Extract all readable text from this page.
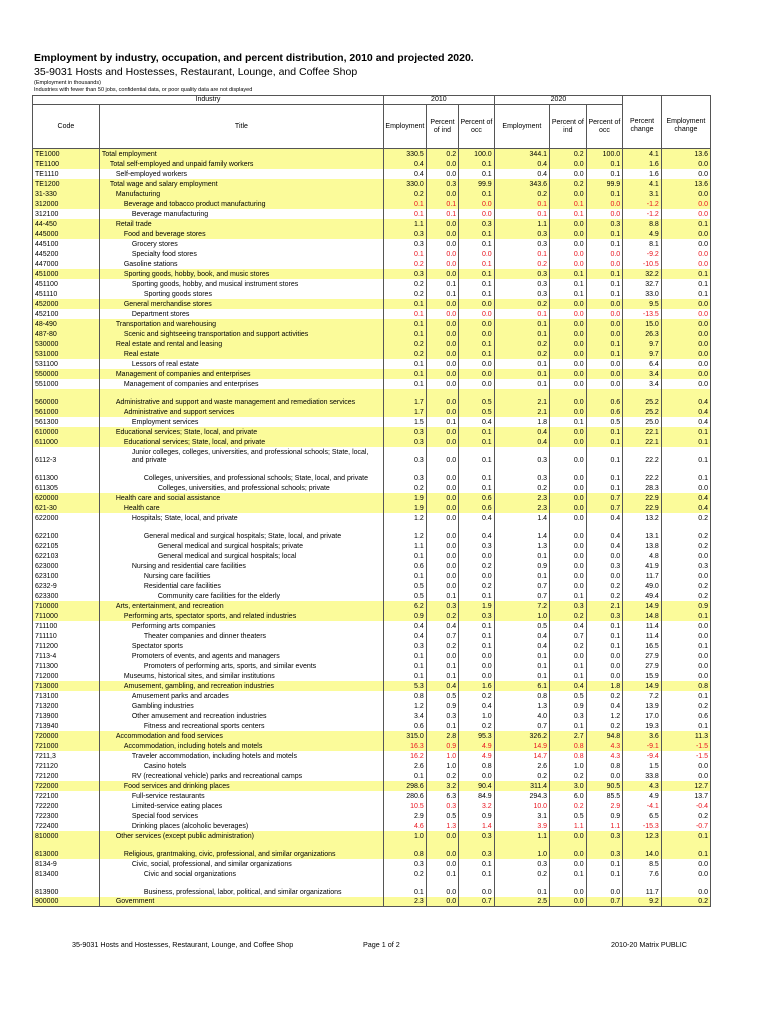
Employment by industry, occupation, and percent distribution, 2010 and projected 2020.
35-9031 Hosts and Hostesses, Restaurant, Lounge, and Coffee Shop
(Employment in thousands)
Industries with fewer than 50 jobs, confidential data, or poor quality data are not displayed
Industry		2010			2020				
Code	Title	Employment	Percent of ind	Percent of occ	Employment	Percent of ind	Percent of occ	Percent change	Employment change
TE1000	Total employment	330.5	0.2	100.0	344.1	0.2	100.0	4.1	13.6
TE1100	Total self-employed and unpaid family workers	0.4	0.0	0.1	0.4	0.0	0.1	1.6	0.0
TE1110	Self-employed workers	0.4	0.0	0.1	0.4	0.0	0.1	1.6	0.0
TE1200	Total wage and salary employment	330.0	0.3	99.9	343.6	0.2	99.9	4.1	13.6
31-330	Manufacturing	0.2	0.0	0.1	0.2	0.0	0.1	3.1	0.0
312000	Beverage and tobacco product manufacturing	0.1	0.1	0.0	0.1	0.1	0.0	-1.2	0.0
312100	Beverage manufacturing	0.1	0.1	0.0	0.1	0.1	0.0	-1.2	0.0
44-450	Retail trade	1.1	0.0	0.3	1.1	0.0	0.3	8.8	0.1
445000	Food and beverage stores	0.3	0.0	0.1	0.3	0.0	0.1	4.9	0.0
445100	Grocery stores	0.3	0.0	0.1	0.3	0.0	0.1	8.1	0.0
445200	Specialty food stores	0.1	0.0	0.0	0.1	0.0	0.0	-9.2	0.0
447000	Gasoline stations	0.2	0.0	0.1	0.2	0.0	0.0	-10.5	0.0
451000	Sporting goods, hobby, book, and music stores	0.3	0.0	0.1	0.3	0.1	0.1	32.2	0.1
451100	Sporting goods, hobby, and musical instrument stores	0.2	0.1	0.1	0.3	0.1	0.1	32.7	0.1
451110	Sporting goods stores	0.2	0.1	0.1	0.3	0.1	0.1	33.0	0.1
452000	General merchandise stores	0.1	0.0	0.0	0.2	0.0	0.0	9.5	0.0
452100	Department stores	0.1	0.0	0.0	0.1	0.0	0.0	-13.5	0.0
48-490	Transportation and warehousing	0.1	0.0	0.0	0.1	0.0	0.0	15.0	0.0
487-80	Scenic and sightseeing transportation and support activities	0.1	0.0	0.0	0.1	0.0	0.0	26.3	0.0
530000	Real estate and rental and leasing	0.2	0.0	0.1	0.2	0.0	0.1	9.7	0.0
531000	Real estate	0.2	0.0	0.1	0.2	0.0	0.1	9.7	0.0
531100	Lessors of real estate	0.1	0.0	0.0	0.1	0.0	0.0	6.4	0.0
550000	Management of companies and enterprises	0.1	0.0	0.0	0.1	0.0	0.0	3.4	0.0
551000	Management of companies and enterprises	0.1	0.0	0.0	0.1	0.0	0.0	3.4	0.0
560000	Administrative and support and waste management and remediation services	1.7	0.0	0.5	2.1	0.0	0.6	25.2	0.4
561000	Administrative and support services	1.7	0.0	0.5	2.1	0.0	0.6	25.2	0.4
561300	Employment services	1.5	0.1	0.4	1.8	0.1	0.5	25.0	0.4
610000	Educational services; State, local, and private	0.3	0.0	0.1	0.4	0.0	0.1	22.1	0.1
611000	Educational services; State, local, and private	0.3	0.0	0.1	0.4	0.0	0.1	22.1	0.1
6112-3	Junior colleges, colleges, universities, and professional schools; State, local, and private	0.3	0.0	0.1	0.3	0.0	0.1	22.2	0.1
611300	Colleges, universities, and professional schools; State, local, and private	0.3	0.0	0.1	0.3	0.0	0.1	22.2	0.1
611305	Colleges, universities, and professional schools; private	0.2	0.0	0.1	0.2	0.0	0.1	28.3	0.0
620000	Health care and social assistance	1.9	0.0	0.6	2.3	0.0	0.7	22.9	0.4
621-30	Health care	1.9	0.0	0.6	2.3	0.0	0.7	22.9	0.4
622000	Hospitals; State, local, and private	1.2	0.0	0.4	1.4	0.0	0.4	13.2	0.2
622100	General medical and surgical hospitals; State, local, and private	1.2	0.0	0.4	1.4	0.0	0.4	13.1	0.2
622105	General medical and surgical hospitals; private	1.1	0.0	0.3	1.3	0.0	0.4	13.8	0.2
622103	General medical and surgical hospitals; local	0.1	0.0	0.0	0.1	0.0	0.0	4.8	0.0
623000	Nursing and residential care facilities	0.6	0.0	0.2	0.9	0.0	0.3	41.9	0.3
623100	Nursing care facilities	0.1	0.0	0.0	0.1	0.0	0.0	11.7	0.0
6232-9	Residential care facilities	0.5	0.0	0.2	0.7	0.0	0.2	49.0	0.2
623300	Community care facilities for the elderly	0.5	0.1	0.1	0.7	0.1	0.2	49.4	0.2
710000	Arts, entertainment, and recreation	6.2	0.3	1.9	7.2	0.3	2.1	14.9	0.9
711000	Performing arts, spectator sports, and related industries	0.9	0.2	0.3	1.0	0.2	0.3	14.8	0.1
711100	Performing arts companies	0.4	0.4	0.1	0.5	0.4	0.1	11.4	0.0
711110	Theater companies and dinner theaters	0.4	0.7	0.1	0.4	0.7	0.1	11.4	0.0
711200	Spectator sports	0.3	0.2	0.1	0.4	0.2	0.1	16.5	0.1
7113-4	Promoters of events, and agents and managers	0.1	0.0	0.0	0.1	0.0	0.0	27.9	0.0
711300	Promoters of performing arts, sports, and similar events	0.1	0.1	0.0	0.1	0.1	0.0	27.9	0.0
712000	Museums, historical sites, and similar institutions	0.1	0.1	0.0	0.1	0.1	0.0	15.9	0.0
713000	Amusement, gambling, and recreation industries	5.3	0.4	1.6	6.1	0.4	1.8	14.9	0.8
713100	Amusement parks and arcades	0.8	0.5	0.2	0.8	0.5	0.2	7.2	0.1
713200	Gambling industries	1.2	0.9	0.4	1.3	0.9	0.4	13.9	0.2
713900	Other amusement and recreation industries	3.4	0.3	1.0	4.0	0.3	1.2	17.0	0.6
713940	Fitness and recreational sports centers	0.6	0.1	0.2	0.7	0.1	0.2	19.3	0.1
720000	Accommodation and food services	315.0	2.8	95.3	326.2	2.7	94.8	3.6	11.3
721000	Accommodation, including hotels and motels	16.3	0.9	4.9	14.9	0.8	4.3	-9.1	-1.5
7211,3	Traveler accommodation, including hotels and motels	16.2	1.0	4.9	14.7	0.8	4.3	-9.4	-1.5
721120	Casino hotels	2.6	1.0	0.8	2.6	1.0	0.8	1.5	0.0
721200	RV (recreational vehicle) parks and recreational camps	0.1	0.2	0.0	0.2	0.2	0.0	33.8	0.0
722000	Food services and drinking places	298.6	3.2	90.4	311.4	3.0	90.5	4.3	12.7
722100	Full-service restaurants	280.6	6.3	84.9	294.3	6.0	85.5	4.9	13.7
722200	Limited-service eating places	10.5	0.3	3.2	10.0	0.2	2.9	-4.1	-0.4
722300	Special food services	2.9	0.5	0.9	3.1	0.5	0.9	6.5	0.2
722400	Drinking places (alcoholic beverages)	4.6	1.3	1.4	3.9	1.1	1.1	-15.3	-0.7
810000	Other services (except public administration)	1.0	0.0	0.3	1.1	0.0	0.3	12.3	0.1
813000	Religious, grantmaking, civic, professional, and similar organizations	0.8	0.0	0.3	1.0	0.0	0.3	14.0	0.1
8134-9	Civic, social, professional, and similar organizations	0.3	0.0	0.1	0.3	0.0	0.1	8.5	0.0
813400	Civic and social organizations	0.2	0.1	0.1	0.2	0.1	0.1	7.6	0.0
813900	Business, professional, labor, political, and similar organizations	0.1	0.0	0.0	0.1	0.0	0.0	11.7	0.0
900000	Government	2.3	0.0	0.7	2.5	0.0	0.7	9.2	0.2
35-9031 Hosts and Hostesses, Restaurant, Lounge, and Coffee Shop	Page 1 of 2	2010-20 Matrix PUBLIC
